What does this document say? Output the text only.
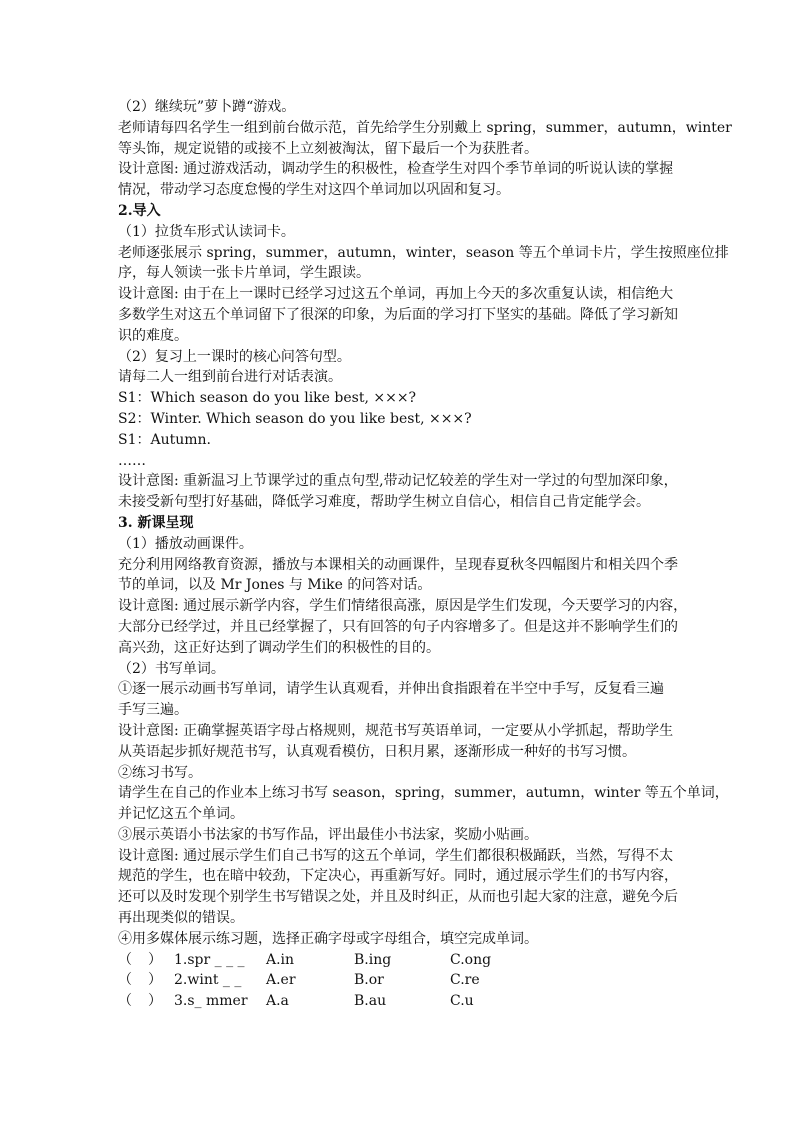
（2）继续玩”萝卜蹲“游戏。
老师请每四名学生一组到前台做示范，首先给学生分别戴上 spring，summer，autumn，winter
等头饰，规定说错的或接不上立刻被淘汰，留下最后一个为获胜者。
设计意图: 通过游戏活动，调动学生的积极性，检查学生对四个季节单词的听说认读的掌握
情况，带动学习态度怠慢的学生对这四个单词加以巩固和复习。
2.导入
（1）拉货车形式认读词卡。
老师逐张展示 spring，summer，autumn，winter，season 等五个单词卡片，学生按照座位排
序，每人领读一张卡片单词，学生跟读。
设计意图: 由于在上一课时已经学习过这五个单词，再加上今天的多次重复认读，相信绝大
多数学生对这五个单词留下了很深的印象，为后面的学习打下坚实的基础。降低了学习新知
识的难度。
（2）复习上一课时的核心问答句型。
请每二人一组到前台进行对话表演。
S1：Which season do you like best, ×××?
S2：Winter. Which season do you like best, ×××?
S1：Autumn.
……
设计意图: 重新温习上节课学过的重点句型,带动记忆较差的学生对一学过的句型加深印象，
未接受新句型打好基础，降低学习难度，帮助学生树立自信心，相信自己肯定能学会。
3. 新课呈现
（1）播放动画课件。
充分利用网络教育资源，播放与本课相关的动画课件，呈现春夏秋冬四幅图片和相关四个季
节的单词，以及 Mr Jones 与 Mike 的问答对话。
设计意图: 通过展示新学内容，学生们情绪很高涨，原因是学生们发现，今天要学习的内容，
大部分已经学过，并且已经掌握了，只有回答的句子内容增多了。但是这并不影响学生们的
高兴劲，这正好达到了调动学生们的积极性的目的。
（2）书写单词。
①逐一展示动画书写单词，请学生认真观看，并伸出食指跟着在半空中手写，反复看三遍
手写三遍。
设计意图: 正确掌握英语字母占格规则，规范书写英语单词，一定要从小学抓起，帮助学生
从英语起步抓好规范书写，认真观看模仿，日积月累，逐渐形成一种好的书写习惯。
②练习书写。
请学生在自己的作业本上练习书写 season，spring，summer，autumn，winter 等五个单词，
并记忆这五个单词。
③展示英语小书法家的书写作品，评出最佳小书法家，奖励小贴画。
设计意图: 通过展示学生们自己书写的这五个单词，学生们都很积极踊跃，当然，写得不太
规范的学生，也在暗中较劲，下定决心，再重新写好。同时，通过展示学生们的书写内容，
还可以及时发现个别学生书写错误之处，并且及时纠正，从而也引起大家的注意，避免今后
再出现类似的错误。
④用多媒体展示练习题，选择正确字母或字母组合，填空完成单词。
（	） 1.spr _ _ _	A.in	B.ing	C.ong
（	） 2.wint _ _	A.er	B.or	C.re
（	） 3.s_ mmer	A.a	B.au	C.u
